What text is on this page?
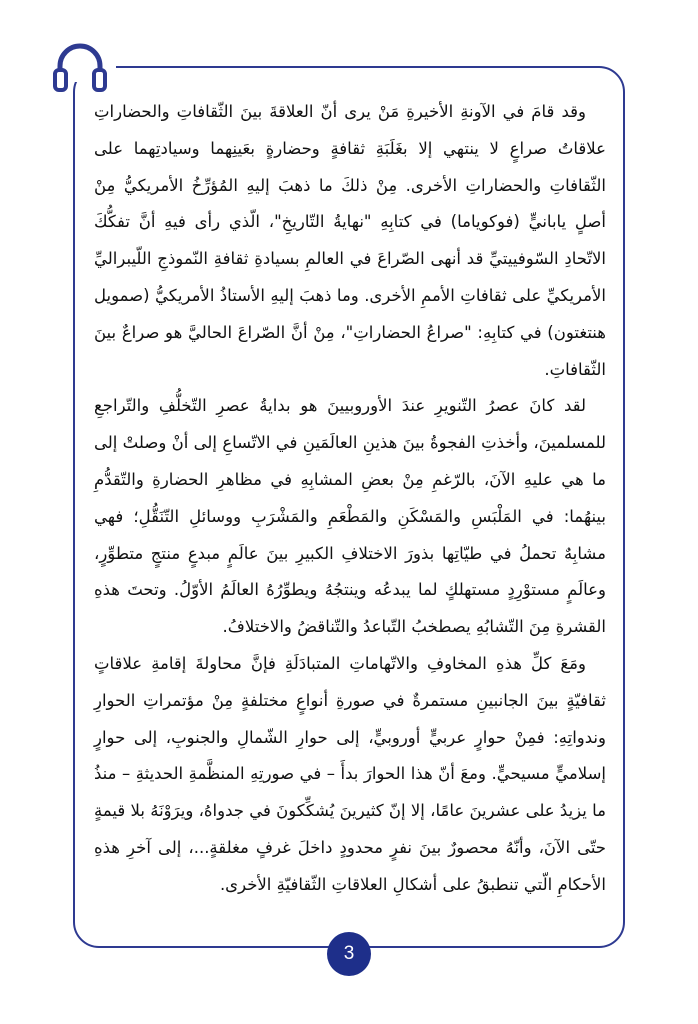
وقد قامَ في الآونةِ الأخيرةِ مَنْ يرى أنّ العلاقةَ بينَ الثّقافاتِ والحضاراتِ علاقاتُ صراعٍ لا ينتهي إلا بغَلَبَةِ ثقافةٍ وحضارةٍ بعَينِهما وسيادتِهما على الثّقافاتِ والحضاراتِ الأخرى. مِنْ ذلكَ ما ذهبَ إليهِ المُؤرِّخُ الأمريكيُّ مِنْ أصلٍ يابانيٍّ (فوكوياما) في كتابِهِ "نهايةُ التّاريخِ"، الّذي رأى فيهِ أنَّ تفكُّكَ الاتّحادِ السّوفييتيِّ قد أنهى الصّراعَ في العالمِ بسيادةِ ثقافةِ النّموذجِ اللّيبراليِّ الأمريكيِّ على ثقافاتِ الأممِ الأخرى. وما ذهبَ إليهِ الأستاذُ الأمريكيُّ (صمويل هنتغتون) في كتابِهِ: "صراعُ الحضاراتِ"، مِنْ أنَّ الصّراعَ الحاليَّ هو صراعٌ بينَ الثّقافاتِ.

لقد كانَ عصرُ التّنويرِ عندَ الأوروبيينَ هو بدايةُ عصرِ التّخلُّفِ والتّراجعِ للمسلمينَ، وأخذتِ الفجوةُ بينَ هذينِ العالَمَينِ في الاتّساعِ إلى أنْ وصلتْ إلى ما هي عليهِ الآنَ، بالرّغمِ مِنْ بعضِ المشابِهِ في مظاهرِ الحضارةِ والتّقدُّمِ بينهُما: في المَلْبَسِ والمَسْكَنِ والمَطْعَمِ والمَشْرَبِ ووسائلِ التّنَقُّلِ؛ فهي مشابِهٌ تحملُ في طيّاتِها بذورَ الاختلافِ الكبيرِ بينَ عالَمٍ مبدعٍ منتجٍ متطوِّرٍ، وعالَمٍ مستوْرِدٍ مستهلكٍ لما يبدعُه وينتجُهُ ويطوِّرُهُ العالَمُ الأوّلُ. وتحتَ هذهِ القشرةِ مِنَ التّشابُهِ يصطخبُ التّباعدُ والتّناقضُ والاختلافُ.

ومَعَ كلِّ هذهِ المخاوفِ والاتّهاماتِ المتبادَلَةِ فإنَّ محاولةَ إقامةِ علاقاتٍ ثقافيّةٍ بينَ الجانبينِ مستمرةٌ في صورةِ أنواعٍ مختلفةٍ مِنْ مؤتمراتِ الحوارِ وندواتِهِ: فمِنْ حوارٍ عربيٍّ أوروبيٍّ، إلى حوارِ الشّمالِ والجنوبِ، إلى حوارٍ إسلاميٍّ مسيحيٍّ. ومعَ أنّ هذا الحوارَ بدأَ – في صورتِهِ المنظَّمةِ الحديثةِ – منذُ ما يزيدُ على عشرينَ عامًا، إلا إنّ كثيرينَ يُشكِّكونَ في جدواهُ، ويرَوْنَهُ بلا قيمةٍ حتّى الآنَ، وأنّهُ محصورٌ بينَ نفرٍ محدودٍ داخلَ غرفٍ مغلقةٍ...، إلى آخرِ هذهِ الأحكامِ الّتي تنطبقُ على أشكالِ العلاقاتِ الثّقافيّةِ الأخرى.

3
